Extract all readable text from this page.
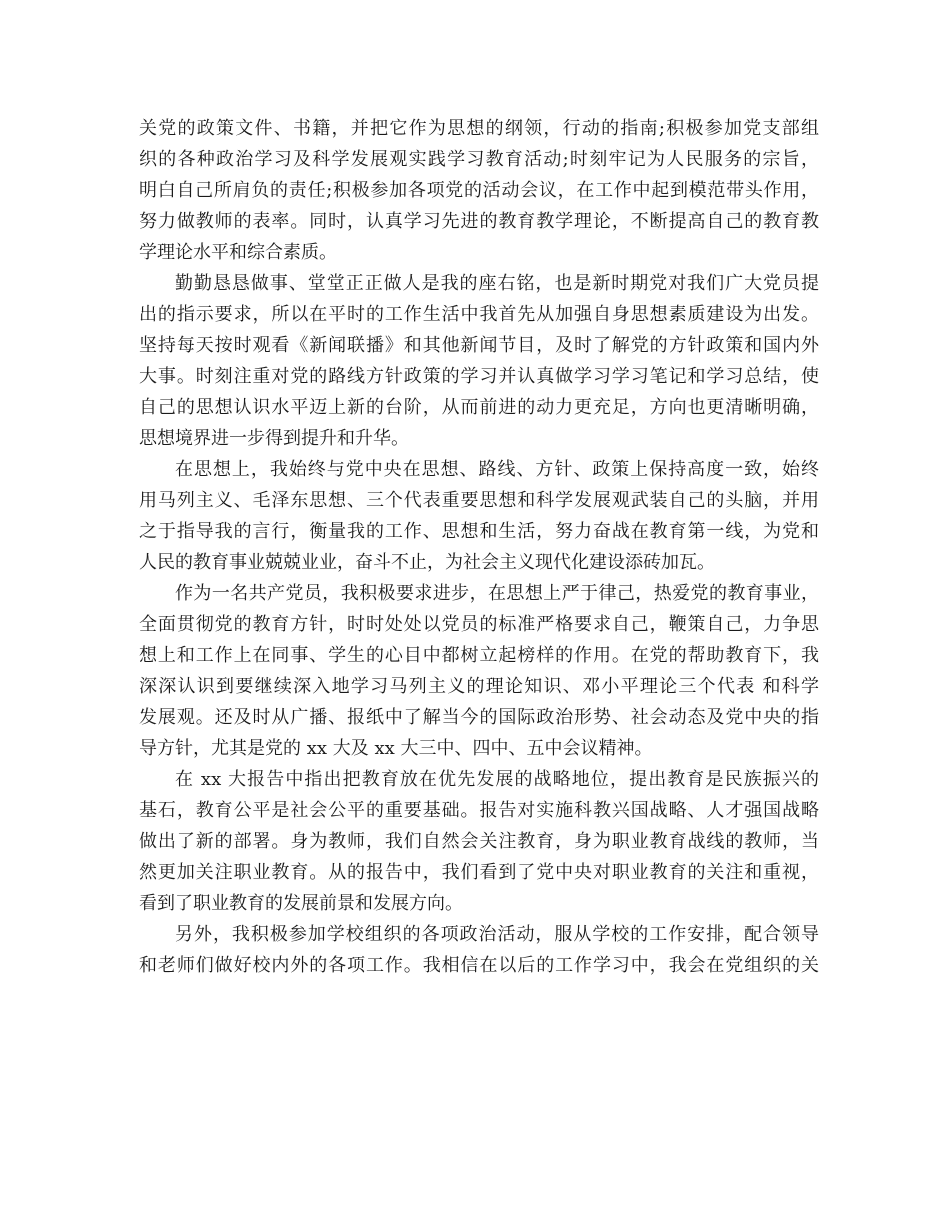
关党的政策文件、书籍，并把它作为思想的纲领，行动的指南;积极参加党支部组
织的各种政治学习及科学发展观实践学习教育活动;时刻牢记为人民服务的宗旨，
明白自己所肩负的责任;积极参加各项党的活动会议，在工作中起到模范带头作用，
努力做教师的表率。同时，认真学习先进的教育教学理论，不断提高自己的教育教
学理论水平和综合素质。
勤勤恳恳做事、堂堂正正做人是我的座右铭，也是新时期党对我们广大党员提
出的指示要求，所以在平时的工作生活中我首先从加强自身思想素质建设为出发。
坚持每天按时观看《新闻联播》和其他新闻节目，及时了解党的方针政策和国内外
大事。时刻注重对党的路线方针政策的学习并认真做学习学习笔记和学习总结，使
自己的思想认识水平迈上新的台阶，从而前进的动力更充足，方向也更清晰明确，
思想境界进一步得到提升和升华。
在思想上，我始终与党中央在思想、路线、方针、政策上保持高度一致，始终
用马列主义、毛泽东思想、三个代表重要思想和科学发展观武装自己的头脑，并用
之于指导我的言行，衡量我的工作、思想和生活，努力奋战在教育第一线，为党和
人民的教育事业兢兢业业，奋斗不止，为社会主义现代化建设添砖加瓦。
作为一名共产党员，我积极要求进步，在思想上严于律己，热爱党的教育事业，
全面贯彻党的教育方针，时时处处以党员的标准严格要求自己，鞭策自己，力争思
想上和工作上在同事、学生的心目中都树立起榜样的作用。在党的帮助教育下，我
深深认识到要继续深入地学习马列主义的理论知识、邓小平理论三个代表 和科学
发展观。还及时从广播、报纸中了解当今的国际政治形势、社会动态及党中央的指
导方针，尤其是党的 xx 大及 xx 大三中、四中、五中会议精神。
在 xx 大报告中指出把教育放在优先发展的战略地位，提出教育是民族振兴的
基石，教育公平是社会公平的重要基础。报告对实施科教兴国战略、人才强国战略
做出了新的部署。身为教师，我们自然会关注教育，身为职业教育战线的教师，当
然更加关注职业教育。从的报告中，我们看到了党中央对职业教育的关注和重视，
看到了职业教育的发展前景和发展方向。
另外，我积极参加学校组织的各项政治活动，服从学校的工作安排，配合领导
和老师们做好校内外的各项工作。我相信在以后的工作学习中，我会在党组织的关
